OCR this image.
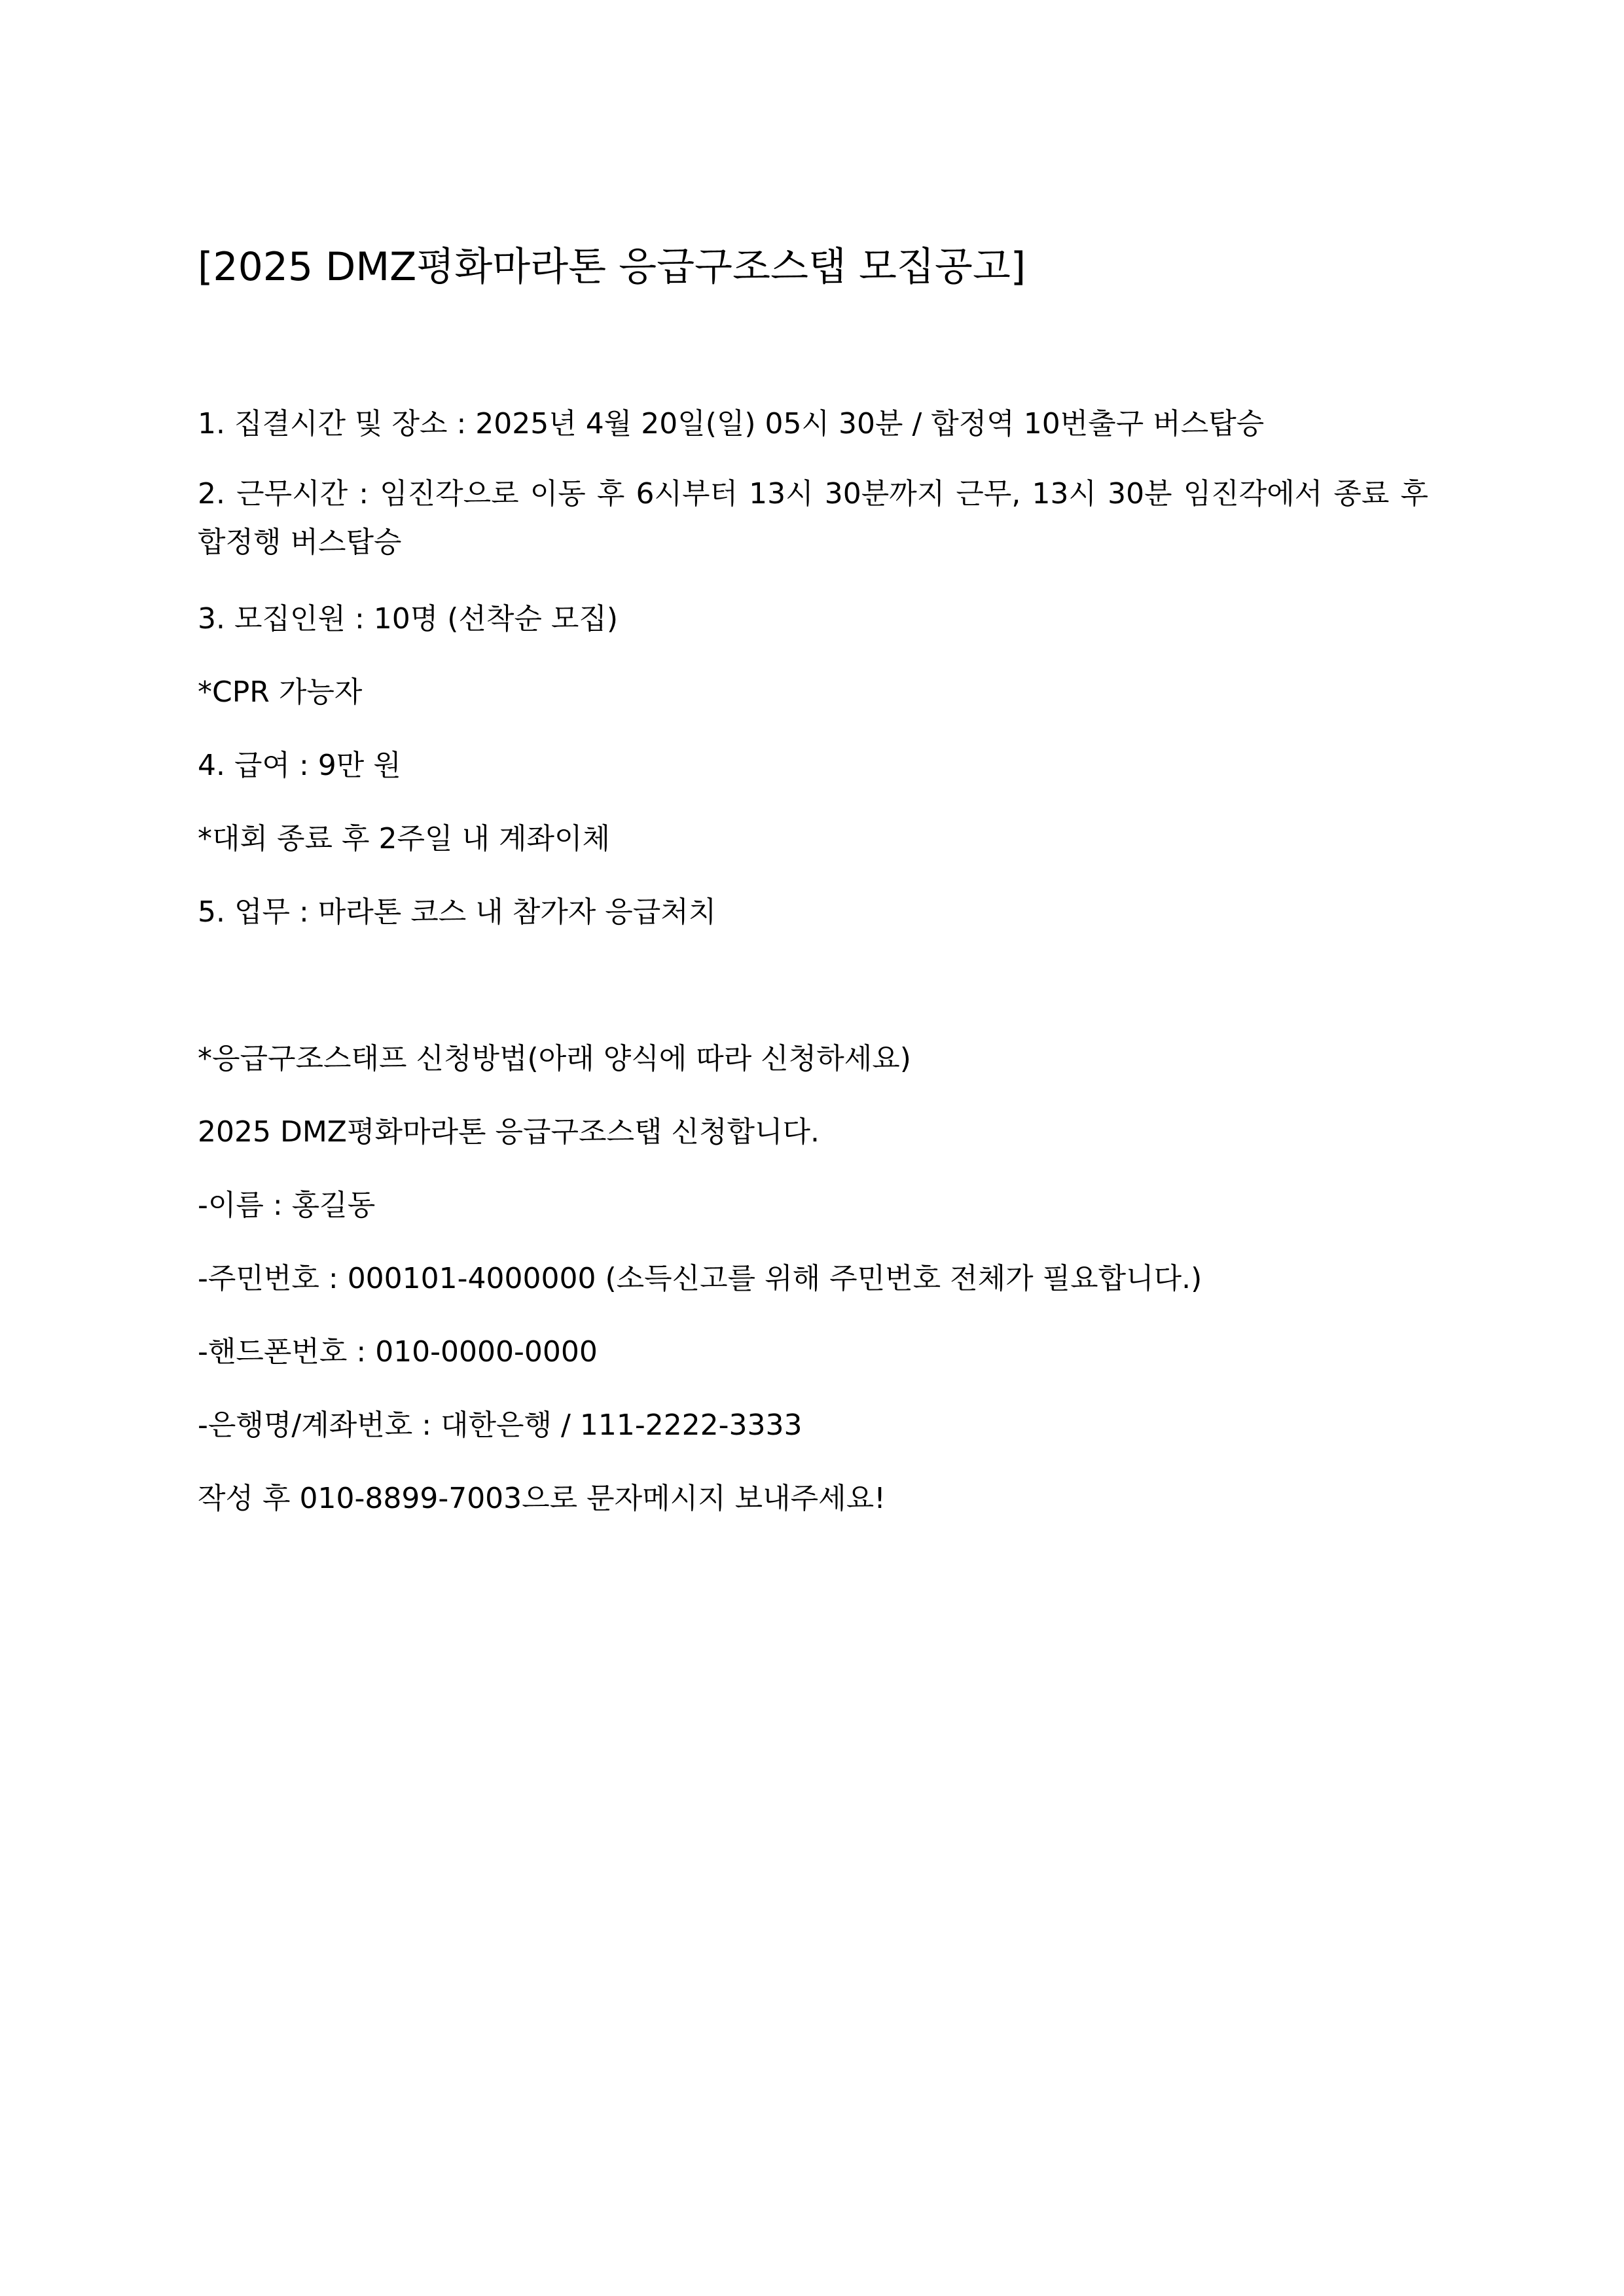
[2025 DMZ평화마라톤 응급구조스탭 모집공고]
1. 집결시간 및 장소 : 2025년 4월 20일(일) 05시 30분 / 합정역 10번출구 버스탑승
2. 근무시간 : 임진각으로 이동 후 6시부터 13시 30분까지 근무, 13시 30분 임진각에서 종료 후 합정행 버스탑승
3. 모집인원 : 10명 (선착순 모집)
*CPR 가능자
4. 급여 : 9만 원
*대회 종료 후 2주일 내 계좌이체
5. 업무 : 마라톤 코스 내 참가자 응급처치
*응급구조스태프 신청방법(아래 양식에 따라 신청하세요)
2025 DMZ평화마라톤 응급구조스탭 신청합니다.
-이름 : 홍길동
-주민번호 : 000101-4000000 (소득신고를 위해 주민번호 전체가 필요합니다.)
-핸드폰번호 : 010-0000-0000
-은행명/계좌번호 : 대한은행 / 111-2222-3333
작성 후 010-8899-7003으로 문자메시지 보내주세요!
